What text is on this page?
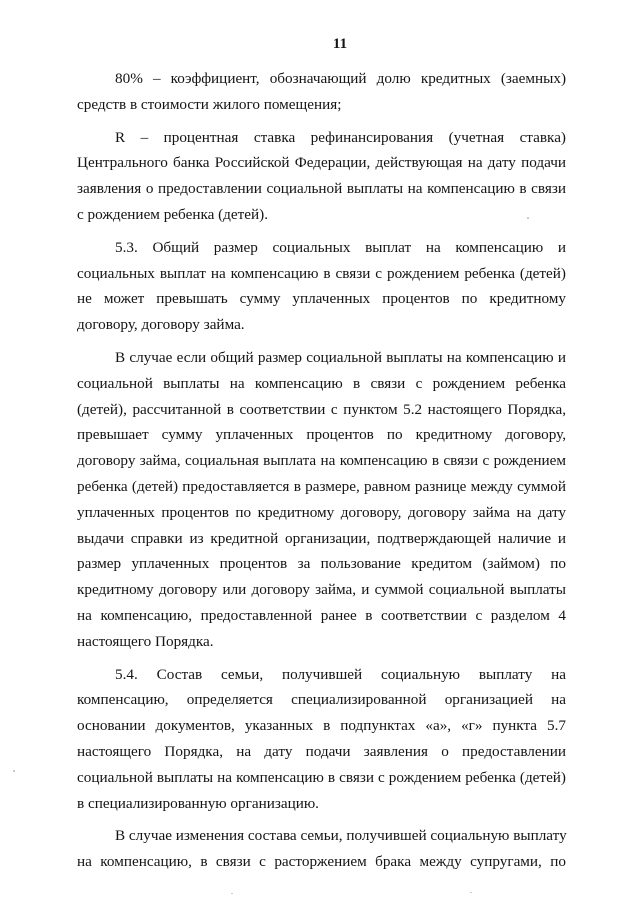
11

80% – коэффициент, обозначающий долю кредитных (заемных)
средств в стоимости жилого помещения;

R – процентная ставка рефинансирования (учетная ставка)
Центрального банка Российской Федерации, действующая на дату подачи
заявления о предоставлении социальной выплаты на компенсацию в связи
с рождением ребенка (детей).

5.3. Общий размер социальных выплат на компенсацию и
социальных выплат на компенсацию в связи с рождением ребенка (детей)
не может превышать сумму уплаченных процентов по кредитному
договору, договору займа.

В случае если общий размер социальной выплаты на компенсацию и
социальной выплаты на компенсацию в связи с рождением ребенка
(детей), рассчитанной в соответствии с пунктом 5.2 настоящего Порядка,
превышает сумму уплаченных процентов по кредитному договору,
договору займа, социальная выплата на компенсацию в связи с рождением
ребенка (детей) предоставляется в размере, равном разнице между суммой
уплаченных процентов по кредитному договору, договору займа на дату
выдачи справки из кредитной организации, подтверждающей наличие и
размер уплаченных процентов за пользование кредитом (займом) по
кредитному договору или договору займа, и суммой социальной выплаты
на компенсацию, предоставленной ранее в соответствии с разделом 4
настоящего Порядка.

5.4. Состав семьи, получившей социальную выплату на
компенсацию, определяется специализированной организацией на
основании документов, указанных в подпунктах «а», «г» пункта 5.7
настоящего Порядка, на дату подачи заявления о предоставлении
социальной выплаты на компенсацию в связи с рождением ребенка (детей)
в специализированную организацию.

В случае изменения состава семьи, получившей социальную выплату
на компенсацию, в связи с расторжением брака между супругами, по
